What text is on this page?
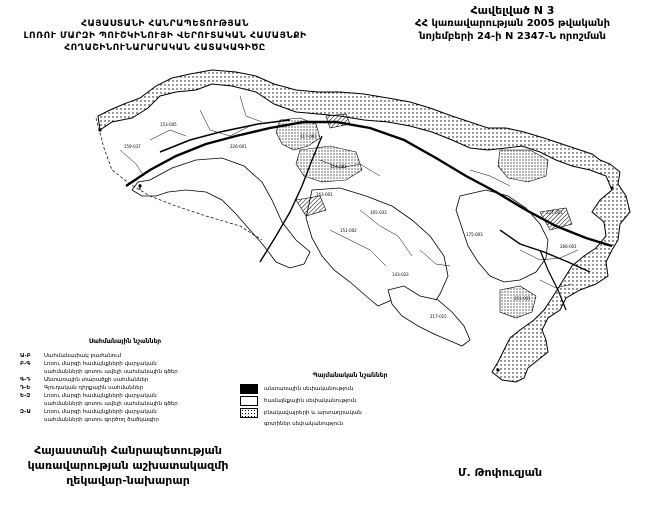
ՀԱՅԱՍՏԱՆԻ ՀԱՆՐԱՊԵՏՈՒԹՅԱՆ
ԼՈՌՈՒ ՄԱՐԶԻ ՊՈՒՇԿԻՆՈՒՅԻ ՎԵՐՈՒՏԱԿԱՆ ՀԱՄԱՅՆՔԻ
ՀՈՂԱՇԻՆՈՒՆԱՐԱՐԱԿԱՆ ՀԱՏԱԿԱԳԻԾԸ
Հավելված N 3
ՀՀ կառավարության 2005 թվականի
նոյեմբերի 24-ի N 2347-Ն որոշման
159-037
153-045
226-001
317-003
324-001
163-001
165-033
151-002
143-023
175-003
227-001
266-001
251-001
217-015
Սահմանային նշաններ
Ա-Բ	Սահմանափակ բաժանում
Բ-Գ	Լոռու մարզի համայնքների վարչական
սահմանների գոտու ավելի սահմանային գծեր
Գ-Դ	Անտառային տարածքի սահմաններ
Դ-Ե	Գյուղական դիրքային սահմաններ
Ե-Զ	Լոռու մարզի համայնքների վարչական
սահմանների գոտու ավելի սահմանային գծեր
Զ-Ա	Լոռու մարզի համայնքների վարչական
սահմանների գոտու գործող ծածկագիր
Պայմանական նշաններ
անտառային սեփականություն
համայնքային սեփականություն
բնակավայրերի և արտադրական
գոտիներ սեփականություն
Հայաստանի Հանրապետության
կառավարության աշխատակազմի
ղեկավար-նախարար
Մ. Թոփուզյան
